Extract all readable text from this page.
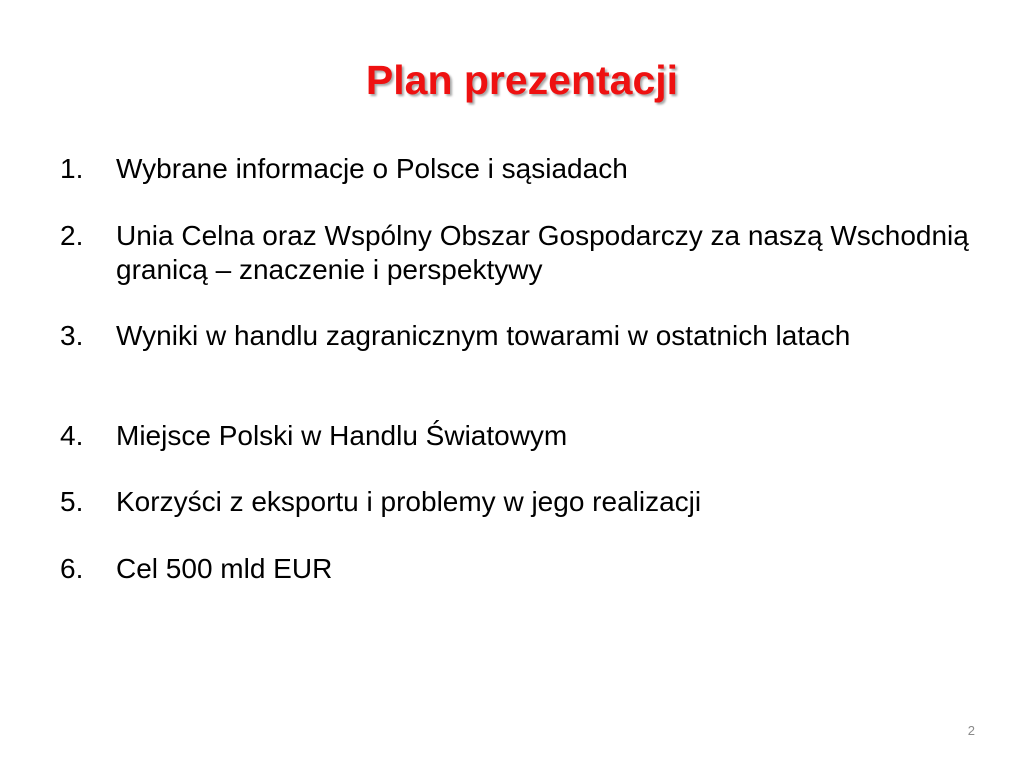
Plan prezentacji
1.	Wybrane informacje o Polsce i sąsiadach
2.	Unia Celna oraz Wspólny Obszar Gospodarczy za naszą Wschodnią granicą – znaczenie i perspektywy
3.	Wyniki w handlu zagranicznym towarami w ostatnich latach
4.	Miejsce Polski w Handlu Światowym
5.	Korzyści z eksportu i problemy w jego realizacji
6.	Cel 500 mld EUR
2
